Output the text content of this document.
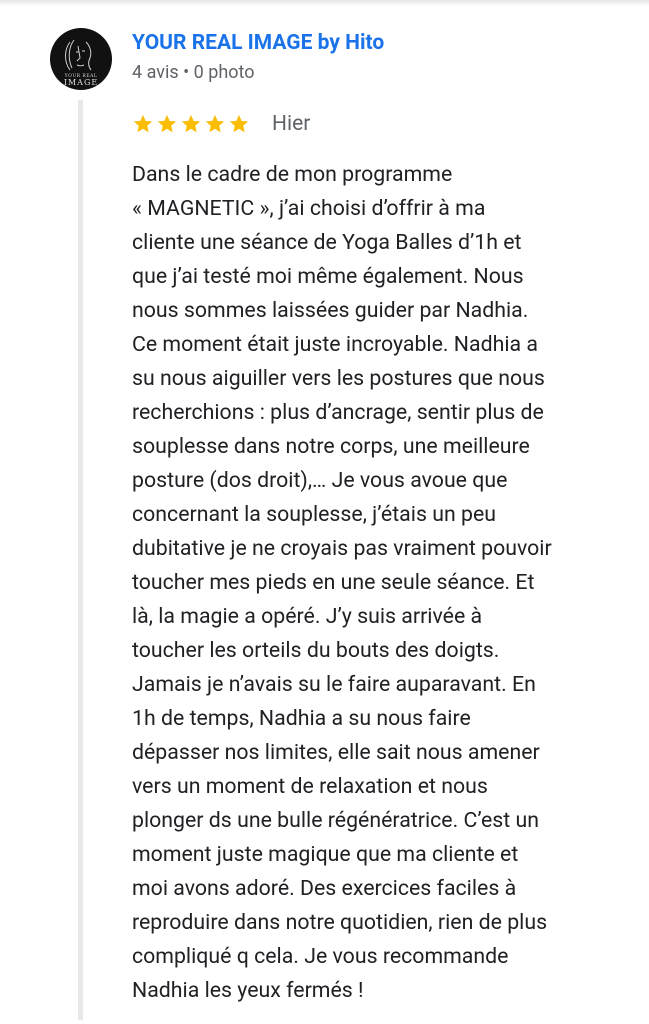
YOUR REAL
IMAGE
YOUR REAL IMAGE by Hito
4 avis • 0 photo
Hier
Dans le cadre de mon programme
« MAGNETIC », j’ai choisi d’offrir à ma
cliente une séance de Yoga Balles d’1h et
que j’ai testé moi même également. Nous
nous sommes laissées guider par Nadhia.
Ce moment était juste incroyable. Nadhia a
su nous aiguiller vers les postures que nous
recherchions : plus d’ancrage, sentir plus de
souplesse dans notre corps, une meilleure
posture (dos droit),… Je vous avoue que
concernant la souplesse, j’étais un peu
dubitative je ne croyais pas vraiment pouvoir
toucher mes pieds en une seule séance. Et
là, la magie a opéré. J’y suis arrivée à
toucher les orteils du bouts des doigts.
Jamais je n’avais su le faire auparavant. En
1h de temps, Nadhia a su nous faire
dépasser nos limites, elle sait nous amener
vers un moment de relaxation et nous
plonger ds une bulle régénératrice. C’est un
moment juste magique que ma cliente et
moi avons adoré. Des exercices faciles à
reproduire dans notre quotidien, rien de plus
compliqué q cela. Je vous recommande
Nadhia les yeux fermés !
